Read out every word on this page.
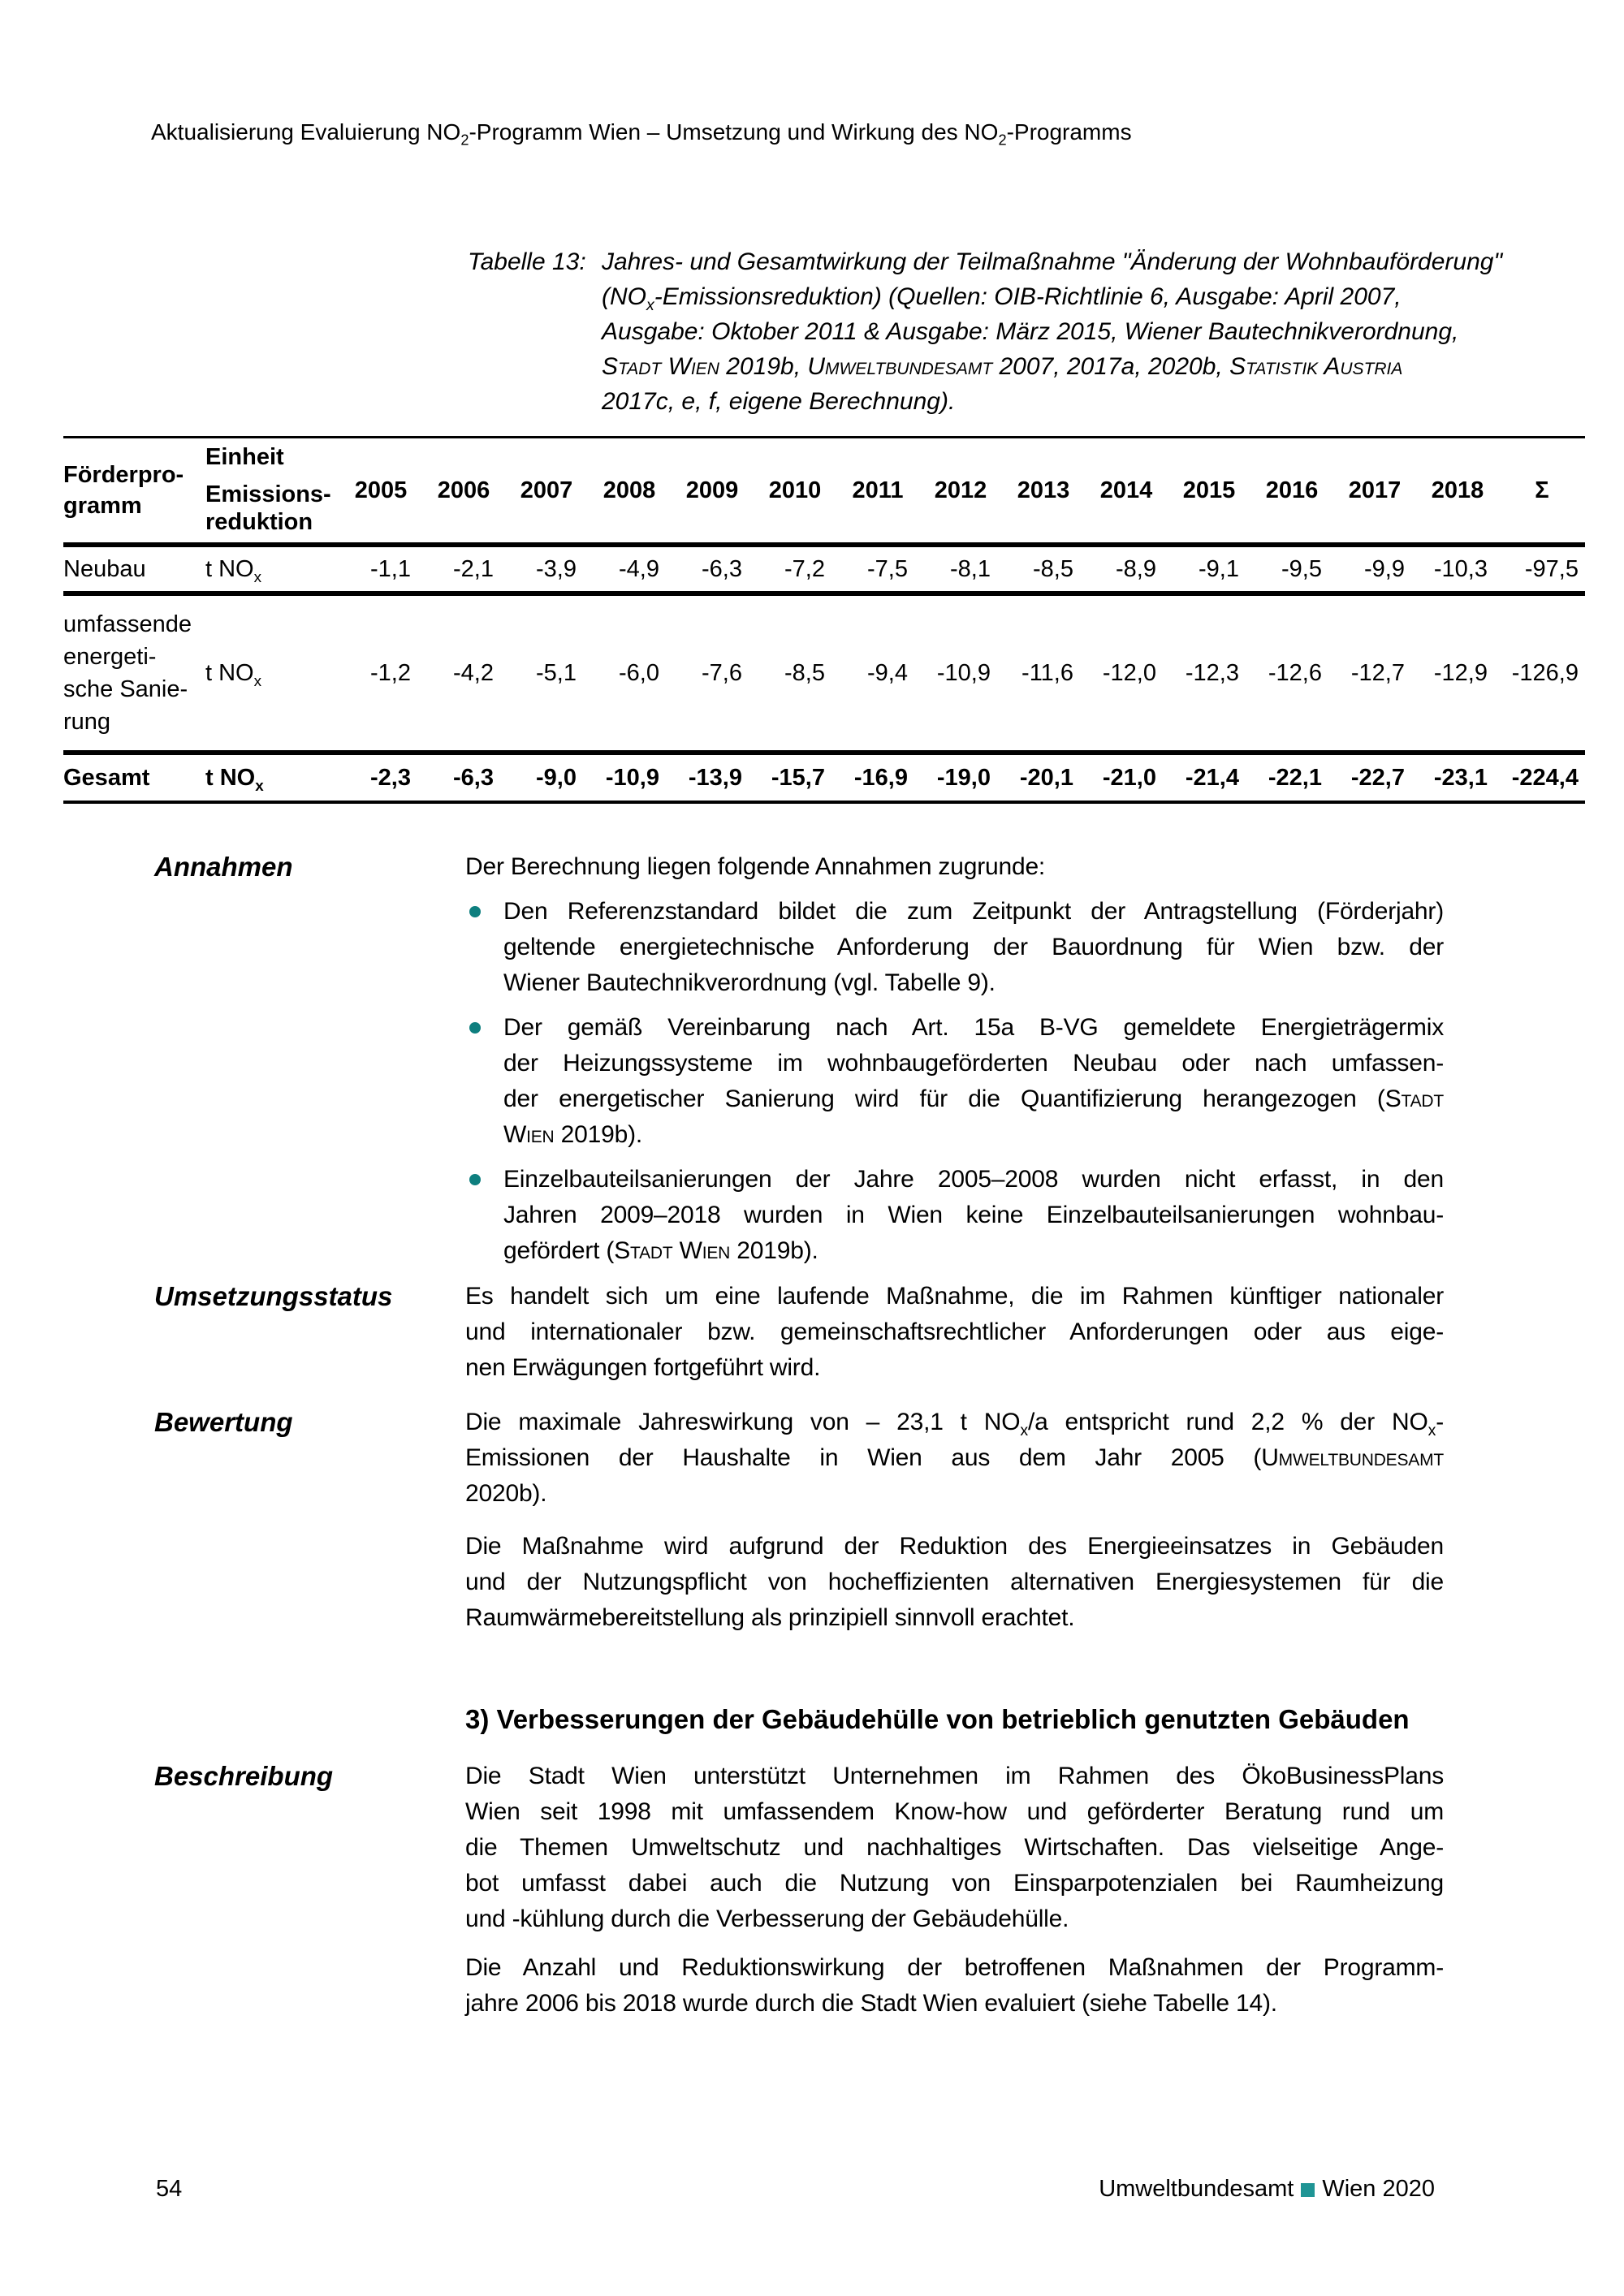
Aktualisierung Evaluierung $NO_2$-Programm Wien – Umsetzung und Wirkung des $NO_2$-Programms
Tabelle 13: Jahres- und Gesamtwirkung der Teilmaßnahme "Änderung der Wohnbauförderung"
$(NO_x-Emissionsreduktion)$ (Quellen: OIB-Richtlinie 6, Ausgabe: April 2007,
Ausgabe: Oktober 2011 & Ausgabe: März 2015, Wiener Bautechnikverordnung,
Stadt Wien 2019b, Umweltbundesamt 2007, 2017a, 2020b, Statistik Austria
2017c, e, f, eigene Berechnung).
Förderpro-
gramm

Einheit
Emissions-
reduktion
	2005	2006	2007	2008	2009	2010	2011	2012	2013	2014	2015	2016	2017	2018	Σ

Neubau	t $NO_x$	-1,1	-2,1	-3,9	-4,9	-6,3	-7,2	-7,5	-8,1	-8,5	-8,9	-9,1	-9,5	-9,9	-10,3	-97,5

umfassende
energeti-
sche Sanie-
rung	t $NO_x$	-1,2	-4,2	-5,1	-6,0	-7,6	-8,5	-9,4	-10,9	-11,6	-12,0	-12,3	-12,6	-12,7	-12,9	-126,9

Gesamt	t $NO_x$	-2,3	-6,3	-9,0	-10,9	-13,9	-15,7	-16,9	-19,0	-20,1	-21,0	-21,4	-22,1	-22,7	-23,1	-224,4
Annahmen	Der Berechnung liegen folgende Annahmen zugrunde:
Den Referenzstandard bildet die zum Zeitpunkt der Antragstellung (Förderjahr)
geltende energietechnische Anforderung der Bauordnung für Wien bzw. der
Wiener Bautechnikverordnung (vgl. Tabelle 9).
Der gemäß Vereinbarung nach Art. 15a B-VG gemeldete Energieträgermix
der Heizungssysteme im wohnbaugeförderten Neubau oder nach umfassen-
der energetischer Sanierung wird für die Quantifizierung herangezogen (Stadt
Wien 2019b).
Einzelbauteilsanierungen der Jahre 2005–2008 wurden nicht erfasst, in den
Jahren 2009–2018 wurden in Wien keine Einzelbauteilsanierungen wohnbau-
gefördert (Stadt Wien 2019b).
Umsetzungsstatus	Es handelt sich um eine laufende Maßnahme, die im Rahmen künftiger nationaler
und internationaler bzw. gemeinschaftsrechtlicher Anforderungen oder aus eige-
nen Erwägungen fortgeführt wird.
Bewertung	Die maximale Jahreswirkung von – 23,1 t $NO_x/a$ entspricht rund 2,2 % der $NO_x-$
Emissionen der Haushalte in Wien aus dem Jahr 2005 (Umweltbundesamt
2020b).
Die Maßnahme wird aufgrund der Reduktion des Energieeinsatzes in Gebäuden
und der Nutzungspflicht von hocheffizienten alternativen Energiesystemen für die
Raumwärmebereitstellung als prinzipiell sinnvoll erachtet.
3) Verbesserungen der Gebäudehülle von betrieblich genutzten Gebäuden
Beschreibung	Die Stadt Wien unterstützt Unternehmen im Rahmen des ÖkoBusinessPlans
Wien seit 1998 mit umfassendem Know-how und geförderter Beratung rund um
die Themen Umweltschutz und nachhaltiges Wirtschaften. Das vielseitige Ange-
bot umfasst dabei auch die Nutzung von Einsparpotenzialen bei Raumheizung
und -kühlung durch die Verbesserung der Gebäudehülle.
Die Anzahl und Reduktionswirkung der betroffenen Maßnahmen der Programm-
jahre 2006 bis 2018 wurde durch die Stadt Wien evaluiert (siehe Tabelle 14).
54	Umweltbundesamt Wien 2020
